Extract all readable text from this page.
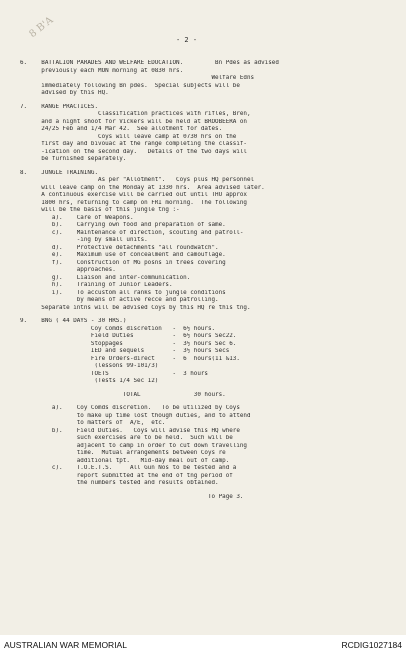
8 B'A	- 2 -
6.    BATTALION PARADES AND WELFARE EDUCATION.         Bn Pdes as advised
previously each MON morning at 0830 hrs.
Welfare Edns
immediately following Bn pdes.  Special subjects will be
advised by this HQ.
7.    RANGE PRACTICES.
Classification practices with rifles, Bren,
and a night shoot for Vickers will be held at BROOBEERA on
24/25 Feb and 1/4 Mar 42.  See allotment for dates.
Coys will leave camp at 0730 hrs on the
first day and bivouac at the range completing the classif-
-ication on the second day.   Details of the two days will
be furnished separately.
8.    JUNGLE TRAINING.
As per "Allotment".   Coys plus HQ personnel
will leave camp on the Monday at 1330 hrs.  Area advised later.
A continuous exercise will be carried out until THU approx
1800 hrs, returning to camp on FRI morning.  The following
will be the basis of this jungle tng :-
a).    Care of Weapons.
b).    Carrying own food and preparation of same.
c).    Maintenance of direction, scouting and patroll-
-ing by small units.
d).    Protective detachments "all roundwatch".
e).    Maximum use of concealment and camouflage.
f).    Construction of MG posns in trees covering
approaches.
g).    Liaison and inter-communication.
h).    Training of Junior Leaders.
i).    To accustom all ranks to jungle conditions
by means of active recce and patrolling.
Separate intns will be advised Coys by this HQ re this tng.
9.    BNG ( 44 DAYS - 30 HRS.)
Coy Comds discretion   -  6½ hours.
Field Duties           -  6½ hours Sec22.
Stoppages              -  3½ hours Sec 6.
IED and sequels        -  3½ hours Secs
Fire Orders-direct     -  6  hours(11 &13.
(lessons 99-101/3)
TOETS                  -  3 hours
(Tests 1/4 Sec 12)
TOTAL               30 hours.
a).    Coy Comds discretion.   To be utilized by Coys
to make up time lost though duties, and to attend
to matters of  A/E,  etc.
b).    Field Duties.   Coys will advise this HQ where
such exercises are to be held.  Such will be
adjacent to camp in order to cut down travelling
time.  Mutual arrangements between Coys re
additional tpt.   Mid-day meal out of camp.
c).    T.O.E.T.S.     All Gun Nos to be tested and a
report submitted at the end of tng period of
the numbers tested and results obtained.
To Page 3.
AUSTRALIAN WAR MEMORIAL	RCDIG1027184
